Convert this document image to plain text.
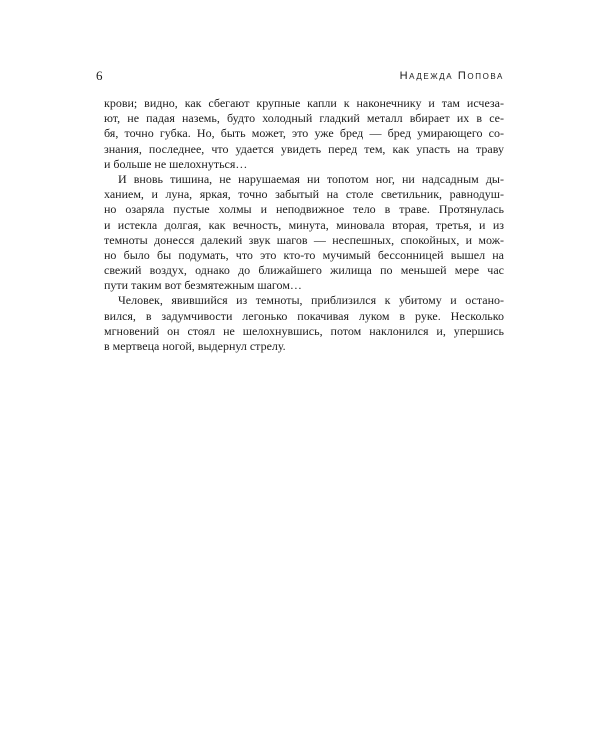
6	Надежда Попова
крови; видно, как сбегают крупные капли к наконечнику и там исчеза-
ют, не падая наземь, будто холодный гладкий металл вбирает их в се-
бя, точно губка. Но, быть может, это уже бред — бред умирающего со-
знания, последнее, что удается увидеть перед тем, как упасть на траву
и больше не шелохнуться…
И вновь тишина, не нарушаемая ни топотом ног, ни надсадным ды-
ханием, и луна, яркая, точно забытый на столе светильник, равнодуш-
но озаряла пустые холмы и неподвижное тело в траве. Протянулась
и истекла долгая, как вечность, минута, миновала вторая, третья, и из
темноты донесся далекий звук шагов — неспешных, спокойных, и мож-
но было бы подумать, что это кто-то мучимый бессонницей вышел на
свежий воздух, однако до ближайшего жилища по меньшей мере час
пути таким вот безмятежным шагом…
Человек, явившийся из темноты, приблизился к убитому и остано-
вился, в задумчивости легонько покачивая луком в руке. Несколько
мгновений он стоял не шелохнувшись, потом наклонился и, упершись
в мертвеца ногой, выдернул стрелу.
